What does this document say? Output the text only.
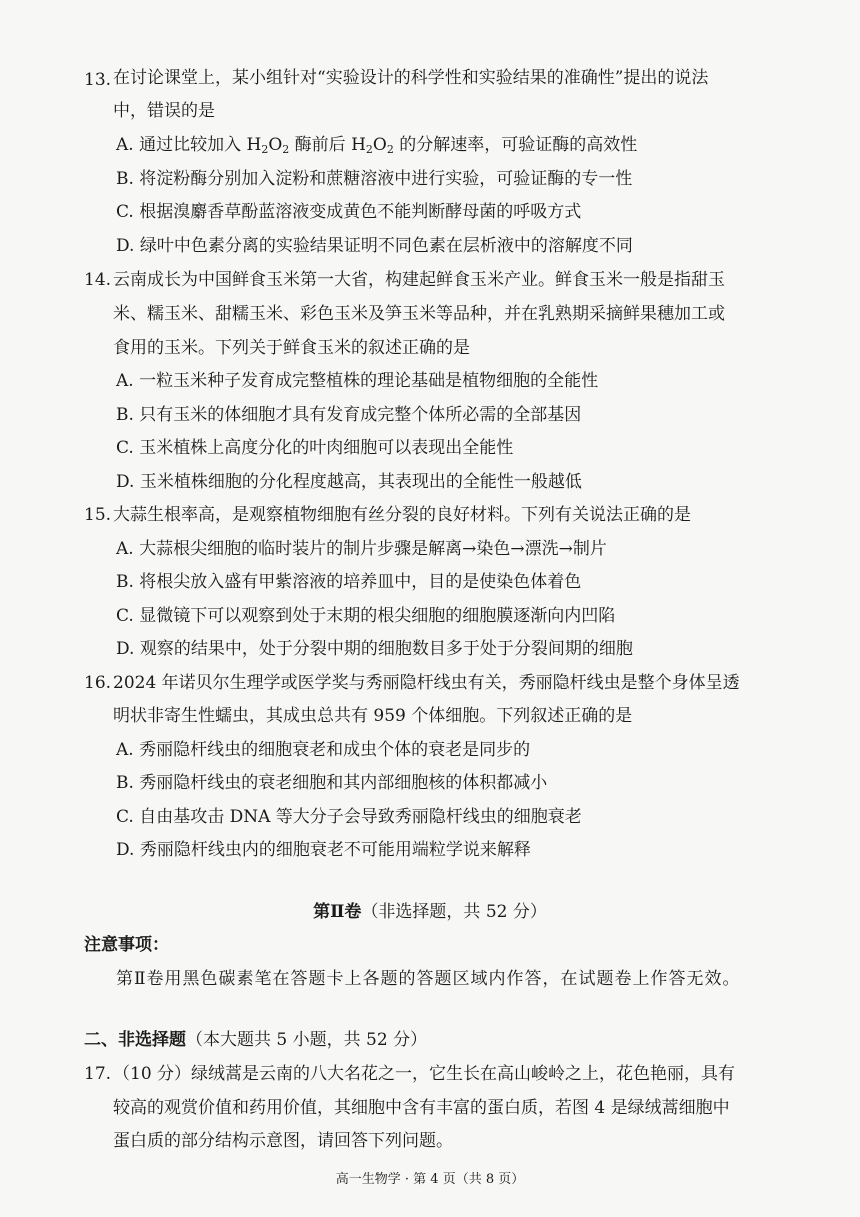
13. 在讨论课堂上，某小组针对“实验设计的科学性和实验结果的准确性”提出的说法
中，错误的是
A. 通过比较加入 $H_2O_2$ 酶前后 $H_2O_2$ 的分解速率，可验证酶的高效性
B. 将淀粉酶分别加入淀粉和蔗糖溶液中进行实验，可验证酶的专一性
C. 根据溴麝香草酚蓝溶液变成黄色不能判断酵母菌的呼吸方式
D. 绿叶中色素分离的实验结果证明不同色素在层析液中的溶解度不同
14. 云南成长为中国鲜食玉米第一大省，构建起鲜食玉米产业。鲜食玉米一般是指甜玉
米、糯玉米、甜糯玉米、彩色玉米及笋玉米等品种，并在乳熟期采摘鲜果穗加工或
食用的玉米。下列关于鲜食玉米的叙述正确的是
A. 一粒玉米种子发育成完整植株的理论基础是植物细胞的全能性
B. 只有玉米的体细胞才具有发育成完整个体所必需的全部基因
C. 玉米植株上高度分化的叶肉细胞可以表现出全能性
D. 玉米植株细胞的分化程度越高，其表现出的全能性一般越低
15. 大蒜生根率高，是观察植物细胞有丝分裂的良好材料。下列有关说法正确的是
A. 大蒜根尖细胞的临时装片的制片步骤是解离→染色→漂洗→制片
B. 将根尖放入盛有甲紫溶液的培养皿中，目的是使染色体着色
C. 显微镜下可以观察到处于末期的根尖细胞的细胞膜逐渐向内凹陷
D. 观察的结果中，处于分裂中期的细胞数目多于处于分裂间期的细胞
16. 2024 年诺贝尔生理学或医学奖与秀丽隐杆线虫有关，秀丽隐杆线虫是整个身体呈透
明状非寄生性蠕虫，其成虫总共有 959 个体细胞。下列叙述正确的是
A. 秀丽隐杆线虫的细胞衰老和成虫个体的衰老是同步的
B. 秀丽隐杆线虫的衰老细胞和其内部细胞核的体积都减小
C. 自由基攻击 DNA 等大分子会导致秀丽隐杆线虫的细胞衰老
D. 秀丽隐杆线虫内的细胞衰老不可能用端粒学说来解释
第Ⅱ卷（非选择题，共 52 分）
注意事项：
第Ⅱ卷用黑色碳素笔在答题卡上各题的答题区域内作答，在试题卷上作答无效。
二、非选择题（本大题共 5 小题，共 52 分）
17. （10 分）绿绒蒿是云南的八大名花之一，它生长在高山峻岭之上，花色艳丽，具有
较高的观赏价值和药用价值，其细胞中含有丰富的蛋白质，若图 4 是绿绒蒿细胞中
蛋白质的部分结构示意图，请回答下列问题。
高一生物学 · 第 4 页（共 8 页）
